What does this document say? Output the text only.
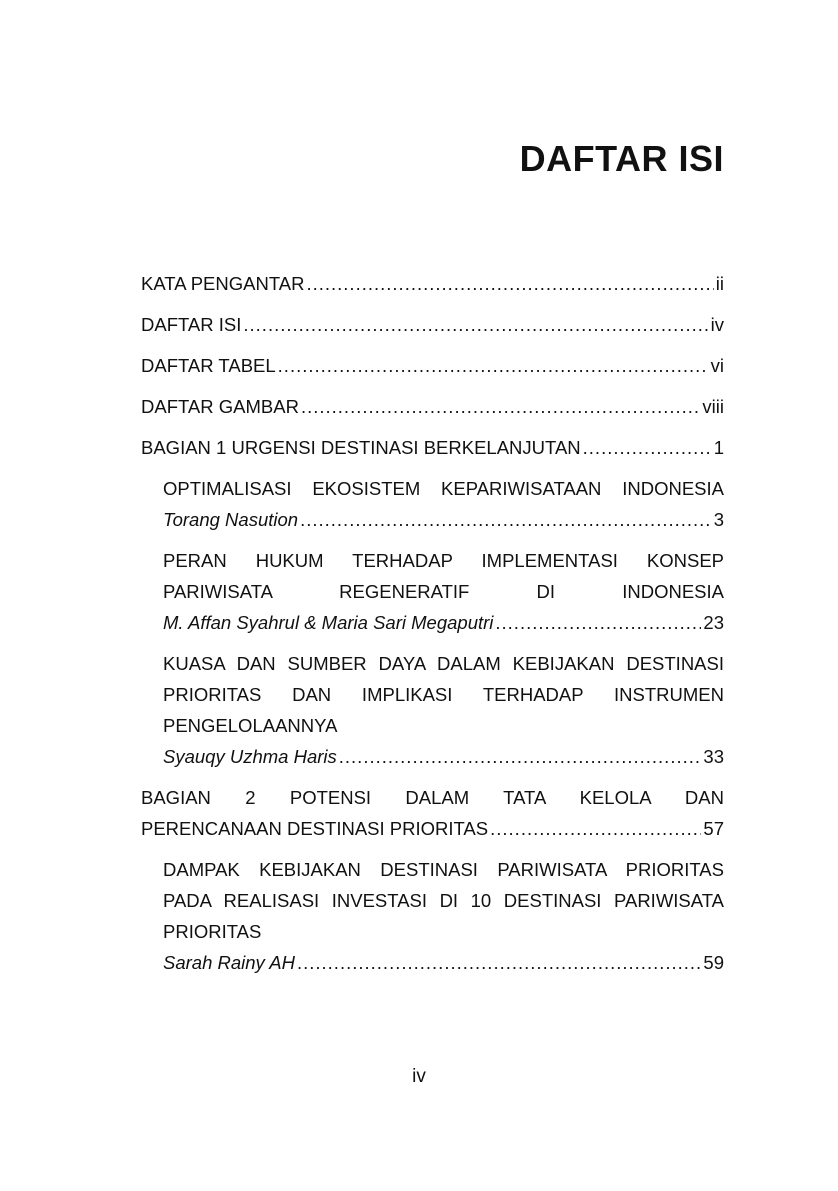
DAFTAR ISI
KATA PENGANTAR .....	ii
DAFTAR ISI .....	iv
DAFTAR TABEL .....	vi
DAFTAR GAMBAR .....	viii
BAGIAN 1 URGENSI DESTINASI BERKELANJUTAN .....	1
OPTIMALISASI EKOSISTEM KEPARIWISATAAN INDONESIA
Torang Nasution .....	3
PERAN HUKUM TERHADAP IMPLEMENTASI KONSEP
PARIWISATA REGENERATIF DI INDONESIA
M. Affan Syahrul & Maria Sari Megaputri .....	23
KUASA DAN SUMBER DAYA DALAM KEBIJAKAN DESTINASI
PRIORITAS DAN IMPLIKASI TERHADAP INSTRUMEN
PENGELOLAANNYA
Syauqy Uzhma Haris .....	33
BAGIAN 2 POTENSI DALAM TATA KELOLA DAN
PERENCANAAN DESTINASI PRIORITAS .....	57
DAMPAK KEBIJAKAN DESTINASI PARIWISATA PRIORITAS
PADA REALISASI INVESTASI DI 10 DESTINASI PARIWISATA
PRIORITAS
Sarah Rainy AH .....	59
iv
